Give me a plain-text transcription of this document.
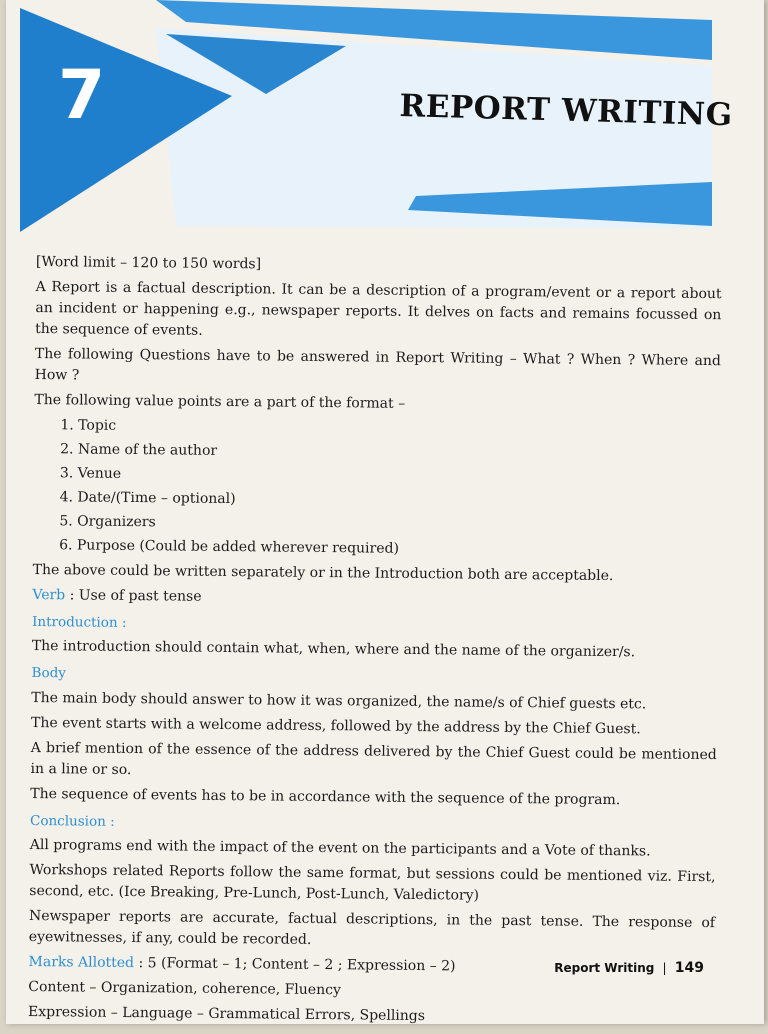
7	REPORT WRITING

[Word limit – 120 to 150 words]

A Report is a factual description. It can be a description of a program/event or a report about an incident or happening e.g., newspaper reports. It delves on facts and remains focussed on the sequence of events.

The following Questions have to be answered in Report Writing – What ? When ? Where and How ?

The following value points are a part of the format –

1. Topic
2. Name of the author
3. Venue
4. Date/(Time – optional)
5. Organizers
6. Purpose (Could be added wherever required)

The above could be written separately or in the Introduction both are acceptable.

Verb : Use of past tense

Introduction :

The introduction should contain what, when, where and the name of the organizer/s.

Body

The main body should answer to how it was organized, the name/s of Chief guests etc.

The event starts with a welcome address, followed by the address by the Chief Guest.

A brief mention of the essence of the address delivered by the Chief Guest could be mentioned in a line or so.

The sequence of events has to be in accordance with the sequence of the program.

Conclusion :

All programs end with the impact of the event on the participants and a Vote of thanks.

Workshops related Reports follow the same format, but sessions could be mentioned viz. First, second, etc. (Ice Breaking, Pre-Lunch, Post-Lunch, Valedictory)

Newspaper reports are accurate, factual descriptions, in the past tense. The response of eyewitnesses, if any, could be recorded.

Marks Allotted : 5 (Format – 1; Content – 2 ; Expression – 2)

Content – Organization, coherence, Fluency

Expression – Language – Grammatical Errors, Spellings

Report Writing | 149
